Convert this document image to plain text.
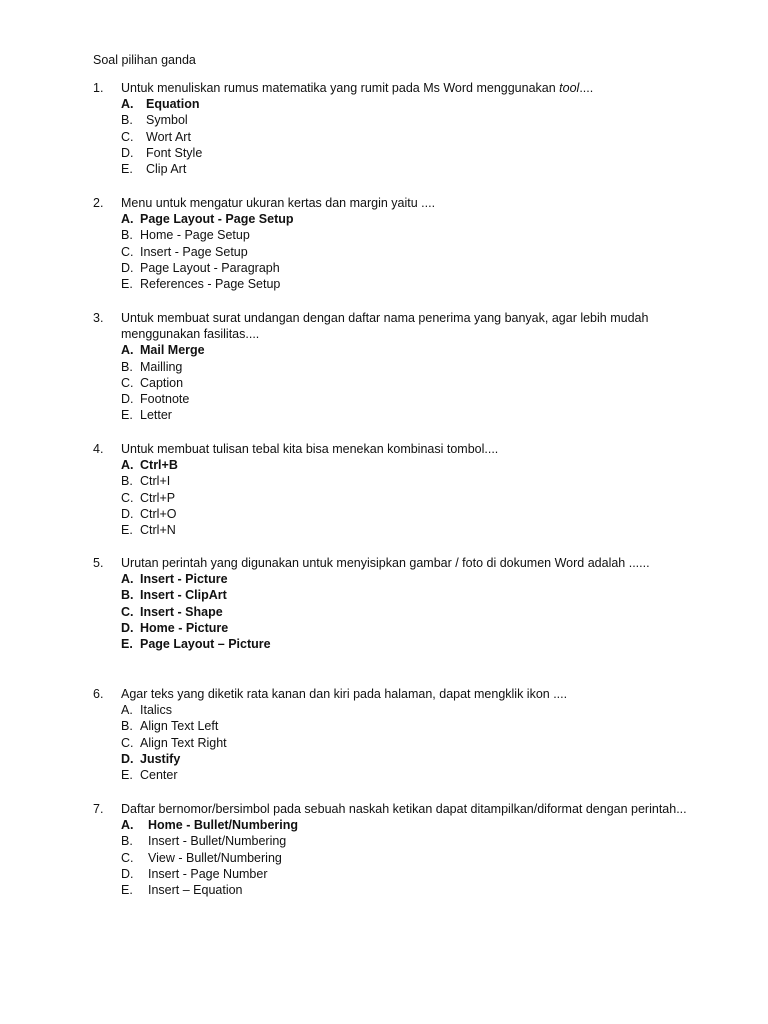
Soal pilihan ganda
1. Untuk menuliskan rumus matematika yang rumit pada Ms Word menggunakan tool....
A. Equation
B. Symbol
C. Wort Art
D. Font Style
E. Clip Art
2. Menu untuk mengatur ukuran kertas dan margin yaitu ....
A. Page Layout - Page Setup
B. Home - Page Setup
C. Insert - Page Setup
D. Page Layout - Paragraph
E. References - Page Setup
3. Untuk membuat surat undangan dengan daftar nama penerima yang banyak, agar lebih mudah menggunakan fasilitas....
A. Mail Merge
B. Mailling
C. Caption
D. Footnote
E. Letter
4. Untuk membuat tulisan tebal kita bisa menekan kombinasi tombol....
A. Ctrl+B
B. Ctrl+I
C. Ctrl+P
D. Ctrl+O
E. Ctrl+N
5. Urutan perintah yang digunakan untuk menyisipkan gambar / foto di dokumen Word adalah ......
A. Insert - Picture
B. Insert - ClipArt
C. Insert - Shape
D. Home - Picture
E. Page Layout – Picture
6. Agar teks yang diketik rata kanan dan kiri pada halaman, dapat mengklik ikon ....
A. Italics
B. Align Text Left
C. Align Text Right
D. Justify
E. Center
7. Daftar bernomor/bersimbol pada sebuah naskah ketikan dapat ditampilkan/diformat dengan perintah...
A. Home - Bullet/Numbering
B. Insert - Bullet/Numbering
C. View - Bullet/Numbering
D. Insert - Page Number
E. Insert – Equation
